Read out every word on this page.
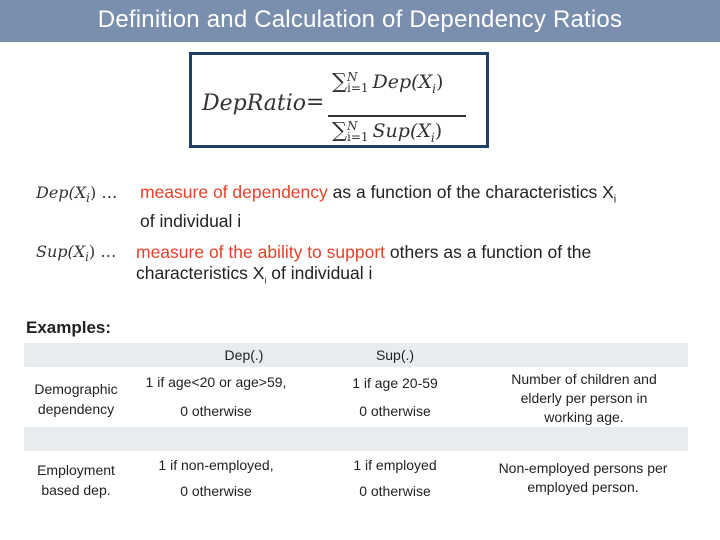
Definition and Calculation of Dependency Ratios
DepRatio =
∑ N
i=1 $Dep(X_i)$
∑ N
i=1 $Sup(X_i)$
$Dep(X_i)$ … measure of dependency as a function of the characteristics $X_i$
of individual i
$Sup(X_i)$ … measure of the ability to support others as a function of the
characteristics $X_i$ of individual i
Examples:
Dep(.)	Sup(.)
Demographic
dependency
1 if age<20 or age>59,
0 otherwise
1 if age 20-59
0 otherwise
Number of children and
elderly per person in
working age.
Employment
based dep.
1 if non-employed,
0 otherwise
1 if employed
0 otherwise
Non-employed persons per
employed person.
